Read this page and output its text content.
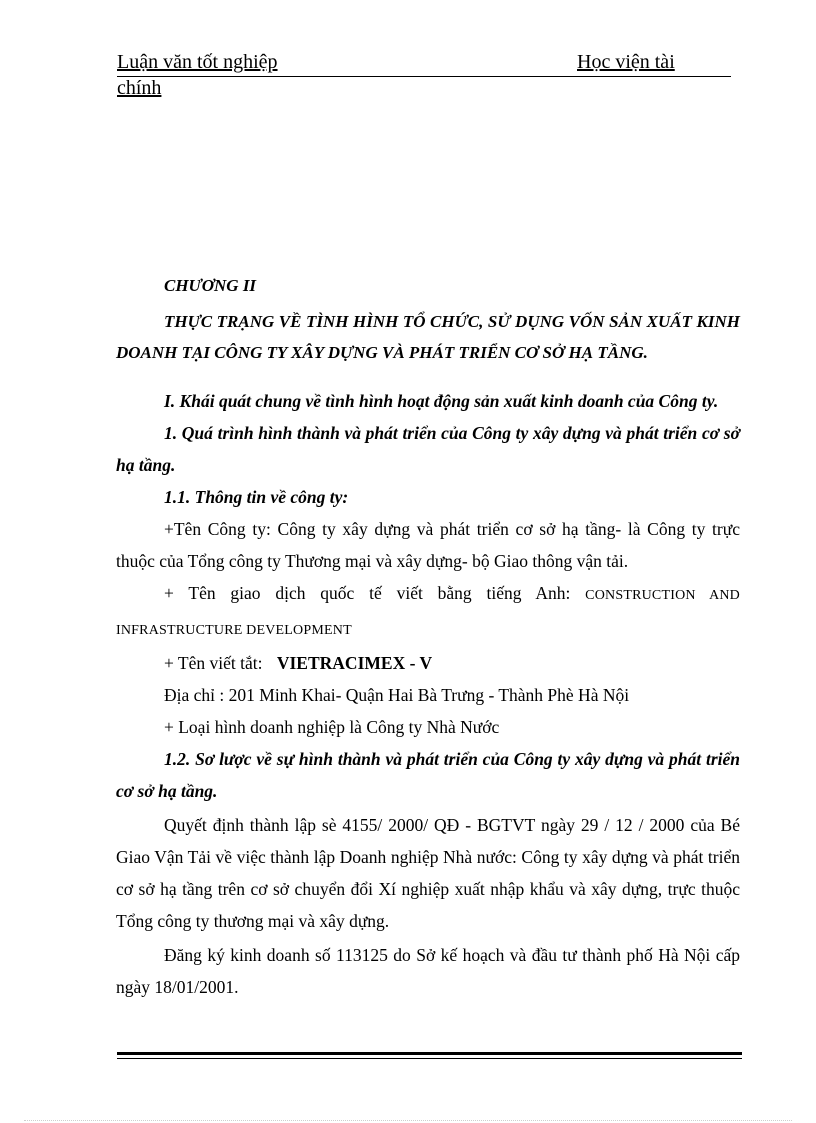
Luận văn tốt nghiệp	Học viện tài
chính

CHƯƠNG II

THỰC TRẠNG VỀ TÌNH HÌNH TỔ CHỨC, SỬ DỤNG VỐN SẢN XUẤT KINH DOANH TẠI CÔNG TY XÂY DỰNG VÀ PHÁT TRIỂN CƠ SỞ HẠ TẦNG.

I. Khái quát chung về tình hình hoạt động sản xuất kinh doanh của Công ty.

1. Quá trình hình thành và phát triển của Công ty xây dựng và phát triển cơ sở hạ tầng.

1.1. Thông tin về công ty:

+Tên Công ty: Công ty xây dựng và phát triển cơ sở hạ tầng- là Công ty trực thuộc của Tổng công ty Thương mại và xây dựng- bộ Giao thông vận tải.

+ Tên giao dịch quốc tế viết bằng tiếng Anh: CONSTRUCTION AND INFRASTRUCTURE DEVELOPMENT

+ Tên viết tắt: VIETRACIMEX - V

Địa chỉ : 201 Minh Khai- Quận Hai Bà Trưng - Thành Phè Hà Nội

+ Loại hình doanh nghiệp là Công ty Nhà Nước

1.2. Sơ lược về sự hình thành và phát triển của Công ty xây dựng và phát triển cơ sở hạ tầng.

Quyết định thành lập sè 4155/ 2000/ QĐ - BGTVT ngày 29 / 12 / 2000 của Bé Giao Vận Tải về việc thành lập Doanh nghiệp Nhà nước: Công ty xây dựng và phát triển cơ sở hạ tầng trên cơ sở chuyển đổi Xí nghiệp xuất nhập khẩu và xây dựng, trực thuộc Tổng công ty thương mại và xây dựng.

Đăng ký kinh doanh số 113125 do Sở kế hoạch và đầu tư thành phố Hà Nội cấp ngày 18/01/2001.
